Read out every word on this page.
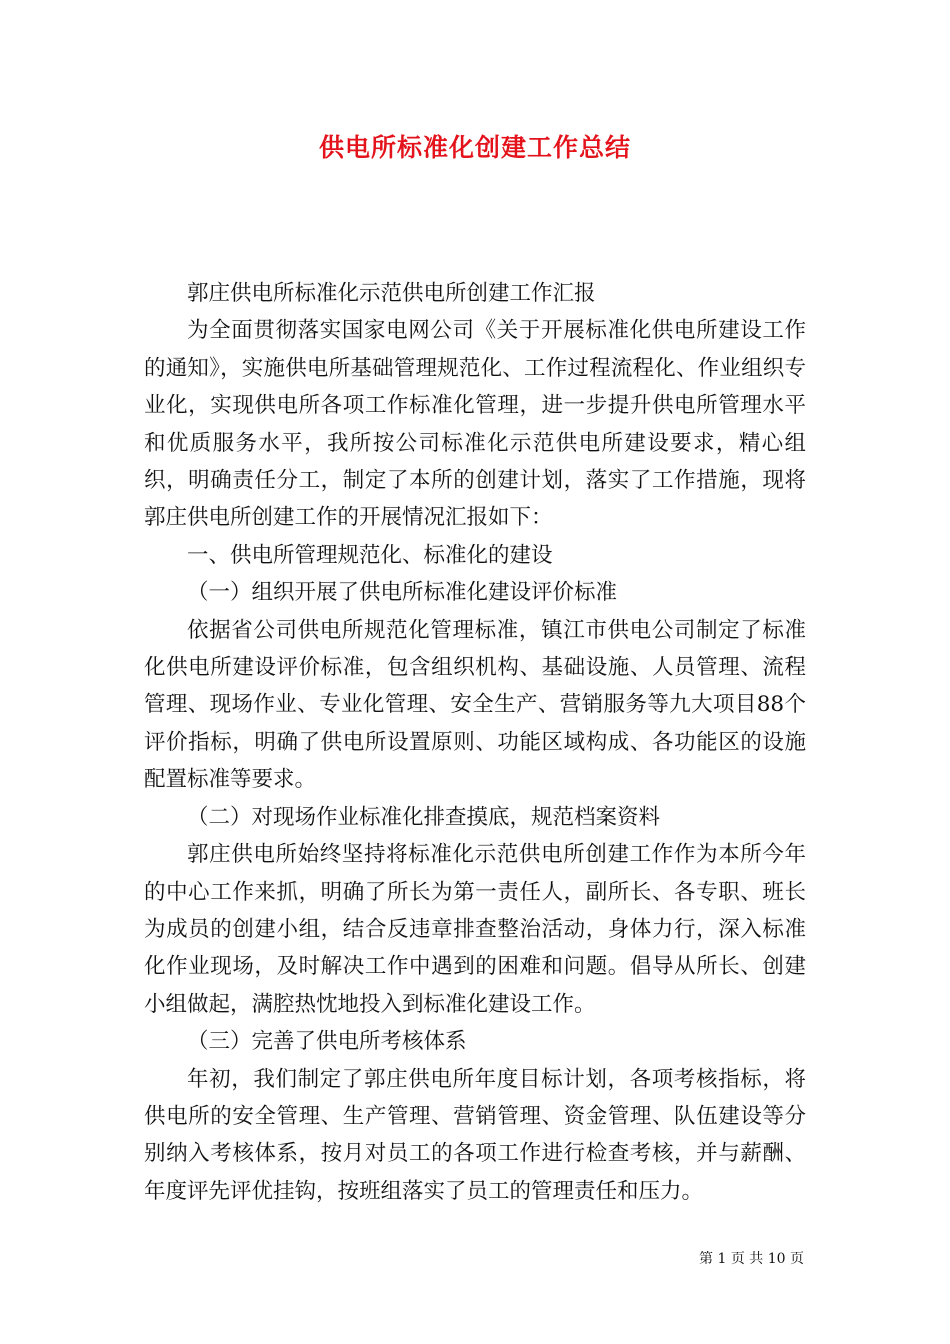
供电所标准化创建工作总结

郭庄供电所标准化示范供电所创建工作汇报

为全面贯彻落实国家电网公司《关于开展标准化供电所建设工作的通知》，实施供电所基础管理规范化、工作过程流程化、作业组织专业化，实现供电所各项工作标准化管理，进一步提升供电所管理水平和优质服务水平，我所按公司标准化示范供电所建设要求，精心组织，明确责任分工，制定了本所的创建计划，落实了工作措施，现将郭庄供电所创建工作的开展情况汇报如下：

一、供电所管理规范化、标准化的建设

（一）组织开展了供电所标准化建设评价标准

依据省公司供电所规范化管理标准，镇江市供电公司制定了标准化供电所建设评价标准，包含组织机构、基础设施、人员管理、流程管理、现场作业、专业化管理、安全生产、营销服务等九大项目88个评价指标，明确了供电所设置原则、功能区域构成、各功能区的设施配置标准等要求。

（二）对现场作业标准化排查摸底，规范档案资料

郭庄供电所始终坚持将标准化示范供电所创建工作作为本所今年的中心工作来抓，明确了所长为第一责任人，副所长、各专职、班长为成员的创建小组，结合反违章排查整治活动，身体力行，深入标准化作业现场，及时解决工作中遇到的困难和问题。倡导从所长、创建小组做起，满腔热忱地投入到标准化建设工作。

（三）完善了供电所考核体系

年初，我们制定了郭庄供电所年度目标计划，各项考核指标，将供电所的安全管理、生产管理、营销管理、资金管理、队伍建设等分别纳入考核体系，按月对员工的各项工作进行检查考核，并与薪酬、年度评先评优挂钩，按班组落实了员工的管理责任和压力。

第 1 页 共 10 页
